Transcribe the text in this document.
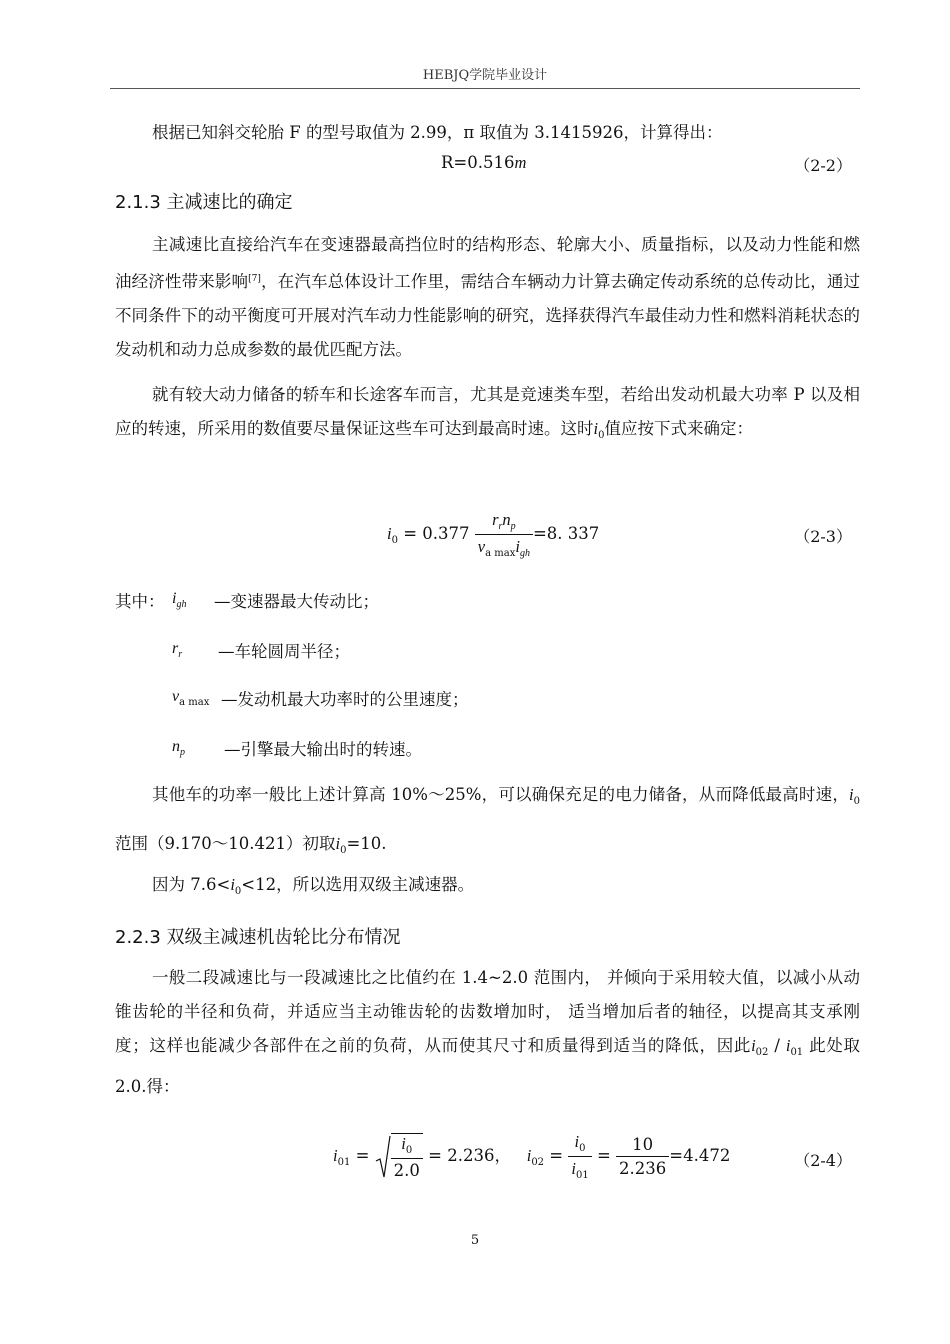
HEBJQ学院毕业设计

根据已知斜交轮胎 F 的型号取值为 2.99，π 取值为 3.1415926，计算得出：

R=0.516m	（2-2）
2.1.3 主减速比的确定

主减速比直接给汽车在变速器最高挡位时的结构形态、轮廓大小、质量指标，以及动力性能和燃油经济性带来影响[7]，在汽车总体设计工作里，需结合车辆动力计算去确定传动系统的总传动比，通过不同条件下的动平衡度可开展对汽车动力性能影响的研究，选择获得汽车最佳动力性和燃料消耗状态的发动机和动力总成参数的最优匹配方法。

就有较大动力储备的轿车和长途客车而言，尤其是竞速类车型，若给出发动机最大功率 P 以及相应的转速，所采用的数值要尽量保证这些车可达到最高时速。这时$i_0$值应按下式来确定：

$i_0 = 0.377 \frac{r_rn_p}{v_{a max}i_{gh}} =8$. 337	（2-3）
其中： $i_{gh}$ —变速器最大传动比；
$r_r$ —车轮圆周半径；
$v_{a max}$ —发动机最大功率时的公里速度；
$n_p$ —引擎最大输出时的转速。

其他车的功率一般比上述计算高 10%～25%，可以确保充足的电力储备，从而降低最高时速，$i_0$范围（9.170～10.421）初取$i_0=10$.

因为 $7.6<i_0<12$，所以选用双级主减速器。

2.2.3 双级主减速机齿轮比分布情况

一般二段减速比与一段减速比之比值约在 1.4~2.0 范围内， 并倾向于采用较大值，以减小从动锥齿轮的半径和负荷，并适应当主动锥齿轮的齿数增加时， 适当增加后者的轴径，以提高其支承刚度；这样也能减少各部件在之前的负荷，从而使其尺寸和质量得到适当的降低，因此$i_{02} / i_{01}$ 此处取 2.0.得：

$i_{01} = \frac{i_0}{2.0} = 2.236$， $i_{02} = \frac{i_0}{i_{01}} = \frac{10}{2.236} =4.472$	（2-4）
5
